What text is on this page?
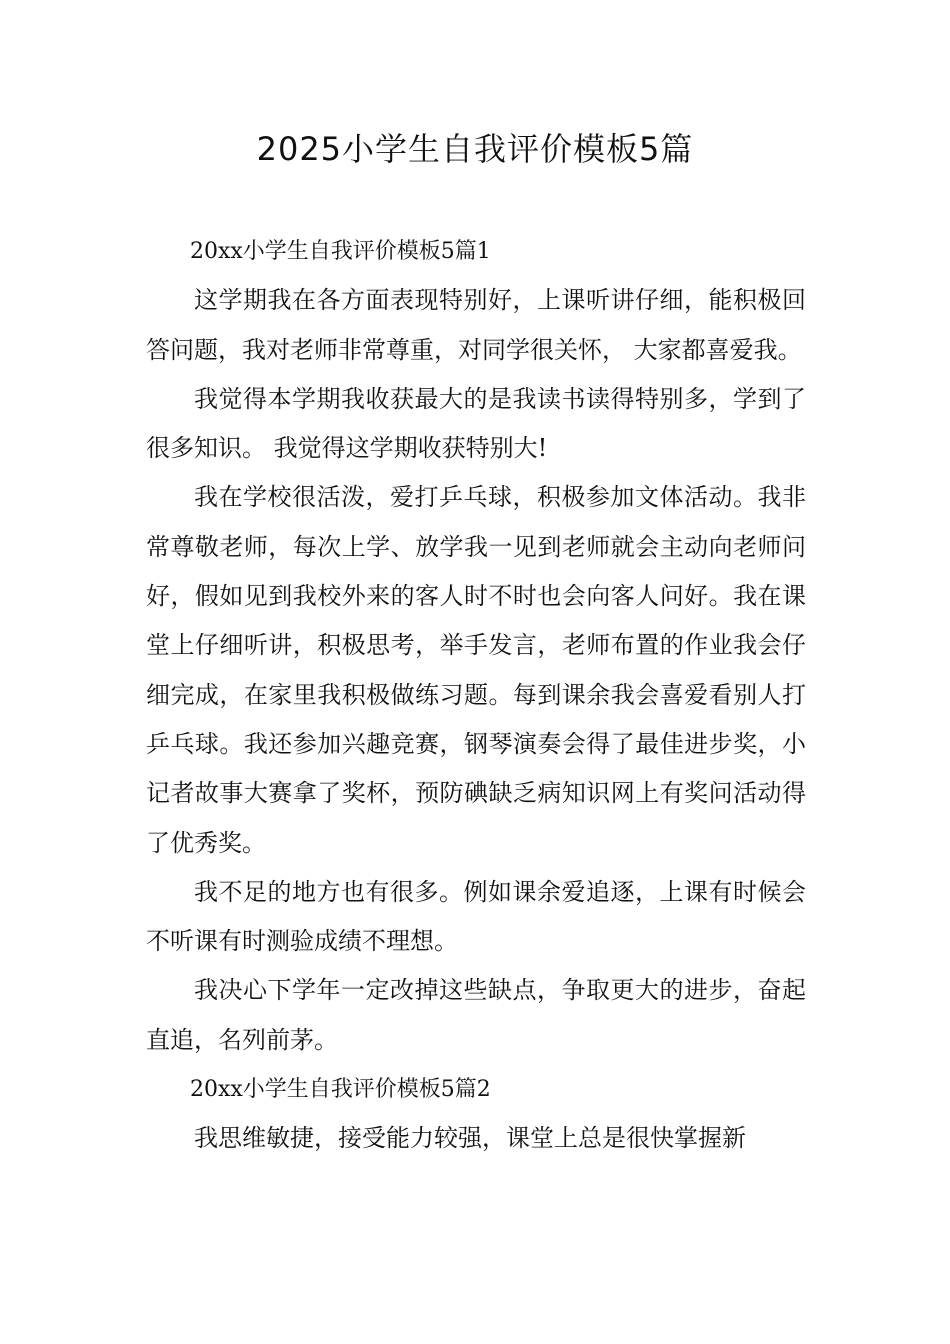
2025小学生自我评价模板5篇

20xx小学生自我评价模板5篇1

这学期我在各方面表现特别好，上课听讲仔细，能积极回答问题，我对老师非常尊重，对同学很关怀， 大家都喜爱我。

我觉得本学期我收获最大的是我读书读得特别多，学到了很多知识。 我觉得这学期收获特别大!

我在学校很活泼，爱打乒乓球，积极参加文体活动。我非常尊敬老师，每次上学、放学我一见到老师就会主动向老师问好，假如见到我校外来的客人时不时也会向客人问好。我在课堂上仔细听讲，积极思考，举手发言，老师布置的作业我会仔细完成，在家里我积极做练习题。每到课余我会喜爱看别人打乒乓球。我还参加兴趣竞赛，钢琴演奏会得了最佳进步奖，小记者故事大赛拿了奖杯，预防碘缺乏病知识网上有奖问活动得了优秀奖。

我不足的地方也有很多。例如课余爱追逐，上课有时候会不听课有时测验成绩不理想。

我决心下学年一定改掉这些缺点，争取更大的进步，奋起直追，名列前茅。

20xx小学生自我评价模板5篇2

我思维敏捷，接受能力较强，课堂上总是很快掌握新
